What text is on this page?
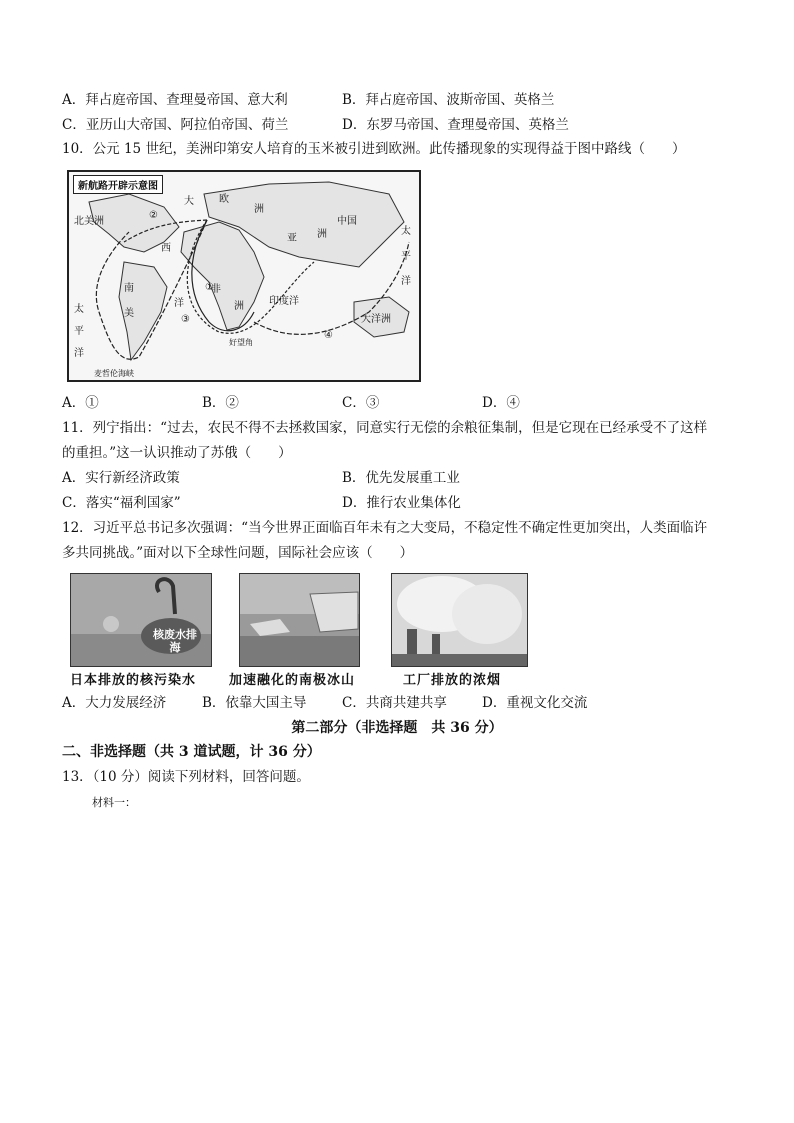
A．拜占庭帝国、查理曼帝国、意大利	B．拜占庭帝国、波斯帝国、英格兰
C．亚历山大帝国、阿拉伯帝国、荷兰	D．东罗马帝国、查理曼帝国、英格兰
10．公元 15 世纪，美洲印第安人培育的玉米被引进到欧洲。此传播现象的实现得益于图中路线（　　）
新航路开辟示意图
北美洲
大	欧
洲
西
亚 洲
中国
太
平
洋
非
洲
南
美
洋	印度洋
大洋洲
①
②
③
④
太
平
洋
好望角
麦哲伦海峡
A．①	B．②	C．③	D．④
11．列宁指出：“过去，农民不得不去拯救国家，同意实行无偿的余粮征集制，但是它现在已经承受不了这样
的重担。”这一认识推动了苏俄（　　）
A．实行新经济政策	B．优先发展重工业
C．落实“福利国家”	D．推行农业集体化
12．习近平总书记多次强调：“当今世界正面临百年未有之大变局，不稳定性不确定性更加突出，人类面临许
多共同挑战。”面对以下全球性问题，国际社会应该（　　）
核废水排海
日本排放的核污染水	加速融化的南极冰山	工厂排放的浓烟
A．大力发展经济	B．依靠大国主导	C．共商共建共享	D．重视文化交流
第二部分（非选择题　共 36 分）
二、非选择题（共 3 道试题，计 36 分）
13．（10 分）阅读下列材料，回答问题。
材料一：
